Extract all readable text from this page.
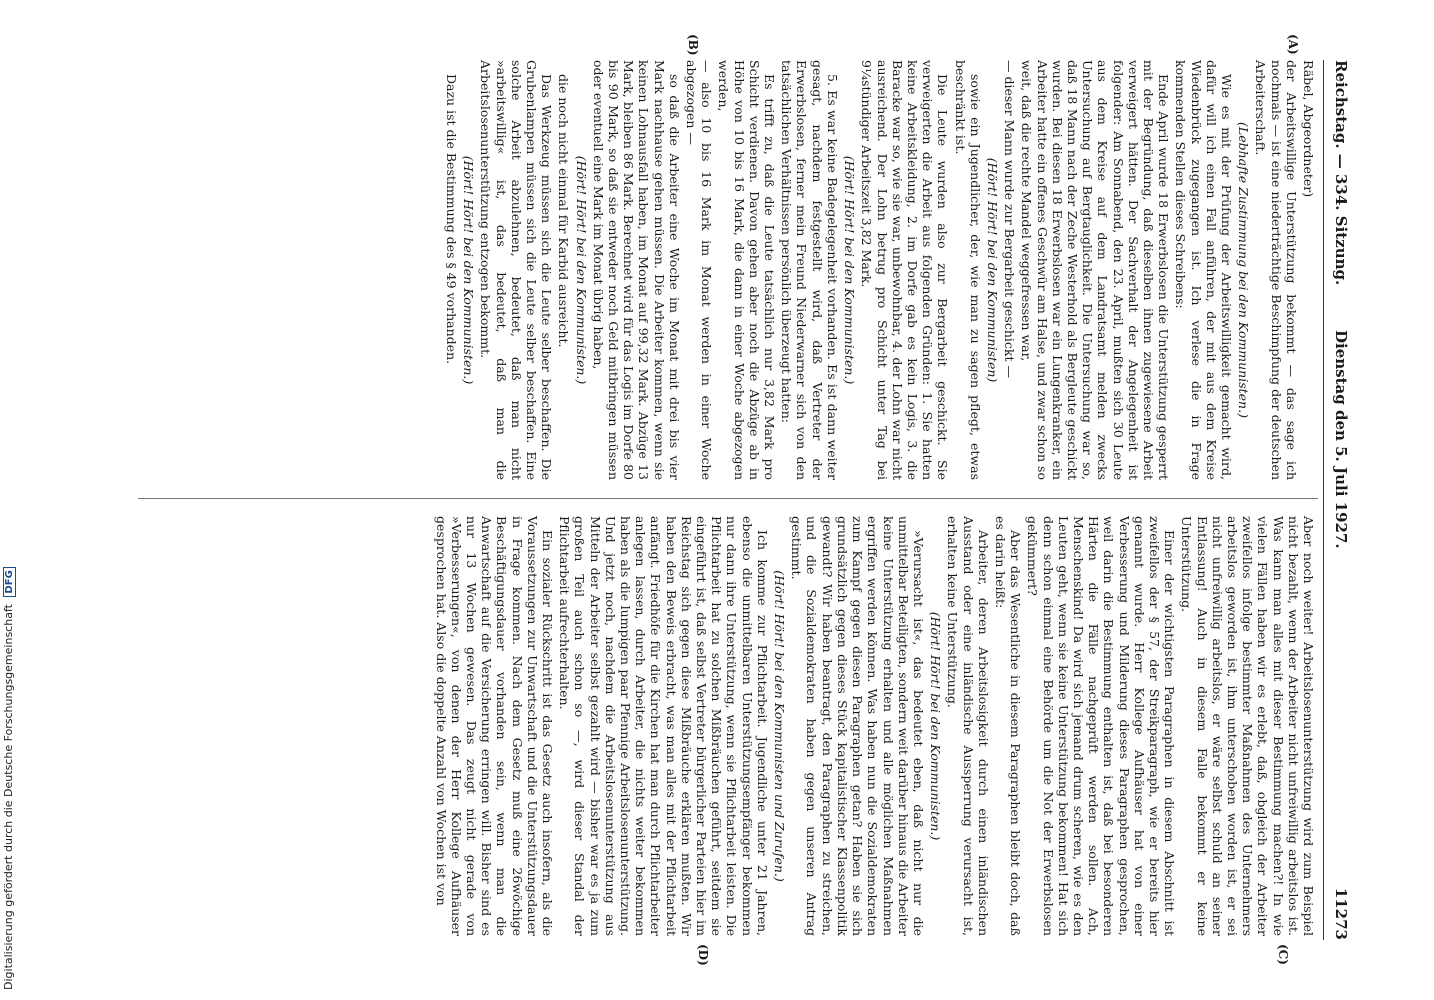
Reichstag. — 334. Sitzung.
Dienstag den 5. Juli 1927.
11273
(A)
(B)
(C)
(D)

Räbel, Abgeordneter)

der Arbeitswillige Unterstützung bekommt — das sage ich nochmals — ist eine niederträchtige Beschimpfung der deutschen Arbeiterschaft.

(Lebhafte Zustimmung bei den Kommunisten.)

Wie es mit der Prüfung der Arbeitswilligkeit gemacht wird, dafür will ich einen Fall anführen, der mit aus dem Kreise Wiedenbrück zugegangen ist. Ich verlese die in Frage kommenden Stellen dieses Schreibens:

Ende April wurde 18 Erwerbslosen die Unterstützung gesperrt mit der Begründung, daß dieselben ihnen zugewiesene Arbeit verweigert hätten. Der Sachverhalt der Angelegenheit ist folgender: Am Sonnabend, den 23. April, mußten sich 30 Leute aus dem Kreise auf dem Landratsamt melden zwecks Untersuchung auf Bergtauglichkeit. Die Untersuchung war so, daß 18 Mann nach der Zeche Westerhold als Bergleute geschickt wurden. Bei diesen 18 Erwerbslosen war ein Lungenkranker, ein Arbeiter hatte ein offenes Geschwür am Halse, und zwar schon so weit, daß die rechte Mandel weggefressen war,

— dieser Mann wurde zur Bergarbeit geschickt —

(Hört! Hört! bei den Kommunisten)

sowie ein Jugendlicher, der, wie man zu sagen pflegt, etwas beschränkt ist.

Die Leute wurden also zur Bergarbeit geschickt. Sie verweigerten die Arbeit aus folgenden Gründen: 1. Sie hatten keine Arbeitskleidung, 2. im Dorfe gab es kein Logis, 3. die Baracke war so, wie sie war, unbewohnbar, 4. der Lohn war nicht ausreichend. Der Lohn betrug pro Schicht unter Tag bei 9¼stündiger Arbeitszeit 3,82 Mark.

(Hört! Hört! bei den Kommunisten.)

5. Es war keine Badegelegenheit vorhanden. Es ist dann weiter gesagt, nachdem festgestellt wird, daß Vertreter der Erwerbslosen, ferner mein Freund Niederwarner sich von den tatsächlichen Verhältnissen persönlich überzeugt hatten:

Es trifft zu, daß die Leute tatsächlich nur 3,82 Mark pro Schicht verdienen. Davon gehen aber noch die Abzüge ab in Höhe von 10 bis 16 Mark, die dann in einer Woche abgezogen werden,

— also 10 bis 16 Mark im Monat werden in einer Woche abgezogen —

so daß die Arbeiter eine Woche im Monat mit drei bis vier Mark nachhause gehen müssen. Die Arbeiter kommen, wenn sie keinen Lohnausfall haben, im Monat auf 99,32 Mark. Abzüge 13 Mark, bleiben 86 Mark. Berechnet wird für das Logis im Dorfe 80 bis 90 Mark, so daß sie entweder noch Geld mitbringen müssen oder eventuell eine Mark im Monat übrig haben,

(Hört! Hört! bei den Kommunisten.)

die noch nicht einmal für Karbid ausreicht.

Das Werkzeug müssen sich die Leute selber beschaffen. Die Grubenlampen müssen sich die Leute selber beschaffen. Eine solche Arbeit abzulehnen, bedeutet, daß man nicht »arbeitswillig« ist, das bedeutet, daß man die Arbeitslosenunterstützung entzogen bekommt.

(Hört! Hört! bei den Kommunisten.)

Dazu ist die Bestimmung des § 49 vorhanden.

Aber noch weiter! Arbeitslosenunterstützung wird zum Beispiel nicht bezahlt, wenn der Arbeiter nicht unfreiwillig arbeitslos ist. Was kann man alles mit dieser Bestimmung machen?! In wie vielen Fällen haben wir es erlebt, daß, obgleich der Arbeiter zweifellos infolge bestimmter Maßnahmen des Unternehmers arbeitslos geworden ist, ihm unterschoben worden ist, er sei nicht unfreiwillig arbeitslos, er wäre selbst schuld an seiner Entlassung! Auch in diesem Falle bekommt er keine Unterstützung.

Einer der wichtigsten Paragraphen in diesem Abschnitt ist zweifellos der § 57, der Streikparagraph, wie er bereits hier genannt wurde. Herr Kollege Aufhäuser hat von einer Verbesserung und Milderung dieses Paragraphen gesprochen, weil darin die Bestimmung enthalten ist, daß bei besonderen Härten die Fälle nachgeprüft werden sollen. Ach, Menschenskind! Da wird sich jemand drum scheren, wie es den Leuten geht, wenn sie keine Unterstützung bekommen! Hat sich denn schon einmal eine Behörde um die Not der Erwerbslosen gekümmert?

Aber das Wesentliche in diesem Paragraphen bleibt doch, daß es darin heißt:

Arbeiter, deren Arbeitslosigkeit durch einen inländischen Ausstand oder eine inländische Aussperrung verursacht ist, erhalten keine Unterstützung.

(Hört! Hört! bei den Kommunisten.)

»Verursacht ist«, das bedeutet eben, daß nicht nur die unmittelbar Beteiligten, sondern weit darüber hinaus die Arbeiter keine Unterstützung erhalten und alle möglichen Maßnahmen ergriffen werden können. Was haben nun die Sozialdemokraten zum Kampf gegen diesen Paragraphen getan? Haben sie sich grundsätzlich gegen dieses Stück kapitalistischer Klassenpolitik gewandt? Wir haben beantragt, den Paragraphen zu streichen, und die Sozialdemokraten haben gegen unseren Antrag gestimmt.

(Hört! Hört! bei den Kommunisten und Zurufen.)

Ich komme zur Pflichtarbeit. Jugendliche unter 21 Jahren, ebenso die unmittelbaren Unterstützungsempfänger bekommen nur dann ihre Unterstützung, wenn sie Pflichtarbeit leisten. Die Pflichtarbeit hat zu solchen Mißbräuchen geführt, seitdem sie eingeführt ist, daß selbst Vertreter bürgerlicher Parteien hier im Reichstag sich gegen diese Mißbräuche erklären mußten. Wir haben den Beweis erbracht, was man alles mit der Pflichtarbeit anfängt. Friedhöfe für die Kirchen hat man durch Pflichtarbeiter anlegen lassen, durch Arbeiter, die nichts weiter bekommen haben als die lumpigen paar Pfennige Arbeitslosenunterstützung. Und jetzt noch, nachdem die Arbeitslosenunterstützung aus Mitteln der Arbeiter selbst gezahlt wird — bisher war es ja zum großen Teil auch schon so —, wird dieser Standal der Pflichtarbeit aufrechterhalten.

Ein sozialer Rückschritt ist das Gesetz auch insofern, als die Voraussetzungen zur Unwartschaft und die Unterstützungsdauer in Frage kommen. Nach dem Gesetz muß eine 26wöchige Beschäftigungsdauer vorhanden sein, wenn man die Anwartschaft auf die Versicherung erringen will. Bisher sind es nur 13 Wochen gewesen. Das zeugt nicht gerade von »Verbesserungen«, von denen der Herr Kollege Aufhäuser gesprochen hat. Also die doppelte Anzahl von Wochen ist von

Digitalisierung gefördert durch die Deutsche Forschungsgemeinschaft DFG
